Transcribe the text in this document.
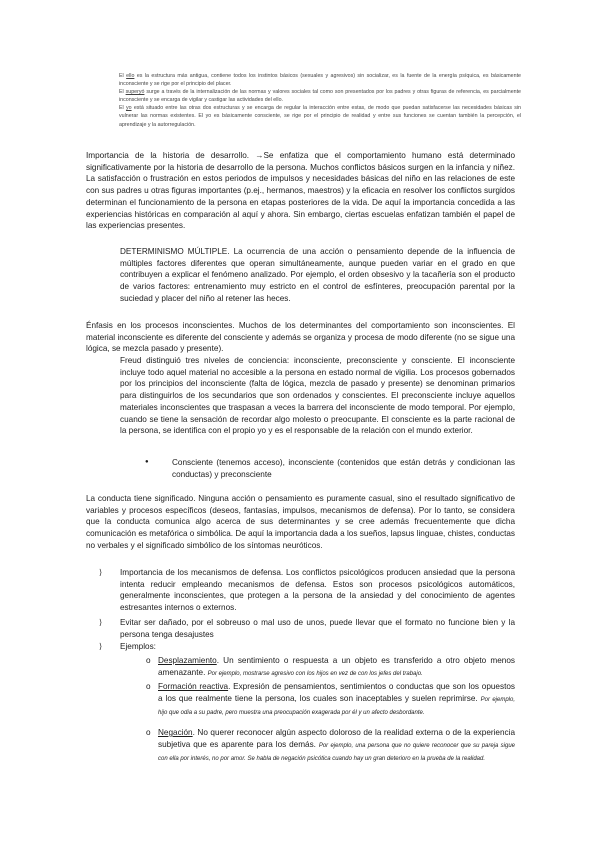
El ello es la estructura más antigua, contiene todos los instintos básicos (sexuales y agresivos) sin socializar, es la fuente de la energía psíquica, es básicamente inconsciente y se rige por el principio del placer.

El superyó surge a través de la internalización de las normas y valores sociales tal como son presentados por los padres y otras figuras de referencia, es parcialmente inconsciente y se encarga de vigilar y castigar las actividades del ello.

El yo está situado entre las otras dos estructuras y se encarga de regular la interacción entre estas, de modo que puedan satisfacerse las necesidades básicas sin vulnerar las normas existentes. El yo es básicamente consciente, se rige por el principio de realidad y entre sus funciones se cuentan también la percepción, el aprendizaje y la autorregulación.

Importancia de la historia de desarrollo. →Se enfatiza que el comportamiento humano está determinado significativamente por la historia de desarrollo de la persona. Muchos conflictos básicos surgen en la infancia y niñez. La satisfacción o frustración en estos periodos de impulsos y necesidades básicas del niño en las relaciones de este con sus padres u otras figuras importantes (p.ej., hermanos, maestros) y la eficacia en resolver los conflictos surgidos determinan el funcionamiento de la persona en etapas posteriores de la vida. De aquí la importancia concedida a las experiencias históricas en comparación al aquí y ahora. Sin embargo, ciertas escuelas enfatizan también el papel de las experiencias presentes.

DETERMINISMO MÚLTIPLE. La ocurrencia de una acción o pensamiento depende de la influencia de múltiples factores diferentes que operan simultáneamente, aunque pueden variar en el grado en que contribuyen a explicar el fenómeno analizado. Por ejemplo, el orden obsesivo y la tacañería son el producto de varios factores: entrenamiento muy estricto en el control de esfínteres, preocupación parental por la suciedad y placer del niño al retener las heces.

Énfasis en los procesos inconscientes. Muchos de los determinantes del comportamiento son inconscientes. El material inconsciente es diferente del consciente y además se organiza y procesa de modo diferente (no se sigue una lógica, se mezcla pasado y presente).

Freud distinguió tres niveles de conciencia: inconsciente, preconsciente y consciente. El inconsciente incluye todo aquel material no accesible a la persona en estado normal de vigilia. Los procesos gobernados por los principios del inconsciente (falta de lógica, mezcla de pasado y presente) se denominan primarios para distinguirlos de los secundarios que son ordenados y conscientes. El preconsciente incluye aquellos materiales inconscientes que traspasan a veces la barrera del inconsciente de modo temporal. Por ejemplo, cuando se tiene la sensación de recordar algo molesto o preocupante. El consciente es la parte racional de la persona, se identifica con el propio yo y es el responsable de la relación con el mundo exterior.

●	Consciente (tenemos acceso), inconsciente (contenidos que están detrás y condicionan las conductas) y preconsciente

La conducta tiene significado. Ninguna acción o pensamiento es puramente casual, sino el resultado significativo de variables y procesos específicos (deseos, fantasías, impulsos, mecanismos de defensa). Por lo tanto, se considera que la conducta comunica algo acerca de sus determinantes y se cree además frecuentemente que dicha comunicación es metafórica o simbólica. De aquí la importancia dada a los sueños, lapsus linguae, chistes, conductas no verbales y el significado simbólico de los síntomas neuróticos.

⟩ Importancia de los mecanismos de defensa. Los conflictos psicológicos producen ansiedad que la persona intenta reducir empleando mecanismos de defensa. Estos son procesos psicológicos automáticos, generalmente inconscientes, que protegen a la persona de la ansiedad y del conocimiento de agentes estresantes internos o externos.
⟩ Evitar ser dañado, por el sobreuso o mal uso de unos, puede llevar que el formato no funcione bien y la persona tenga desajustes
⟩ Ejemplos:
o Desplazamiento. Un sentimiento o respuesta a un objeto es transferido a otro objeto menos amenazante. Por ejemplo, mostrarse agresivo con los hijos en vez de con los jefes del trabajo.
o Formación reactiva. Expresión de pensamientos, sentimientos o conductas que son los opuestos a los que realmente tiene la persona, los cuales son inaceptables y suelen reprimirse. Por ejemplo, hijo que odia a su padre, pero muestra una preocupación exagerada por él y un afecto desbordante.
o Negación. No querer reconocer algún aspecto doloroso de la realidad externa o de la experiencia subjetiva que es aparente para los demás. Por ejemplo, una persona que no quiere reconocer que su pareja sigue con ella por interés, no por amor. Se habla de negación psicótica cuando hay un gran deterioro en la prueba de la realidad.
